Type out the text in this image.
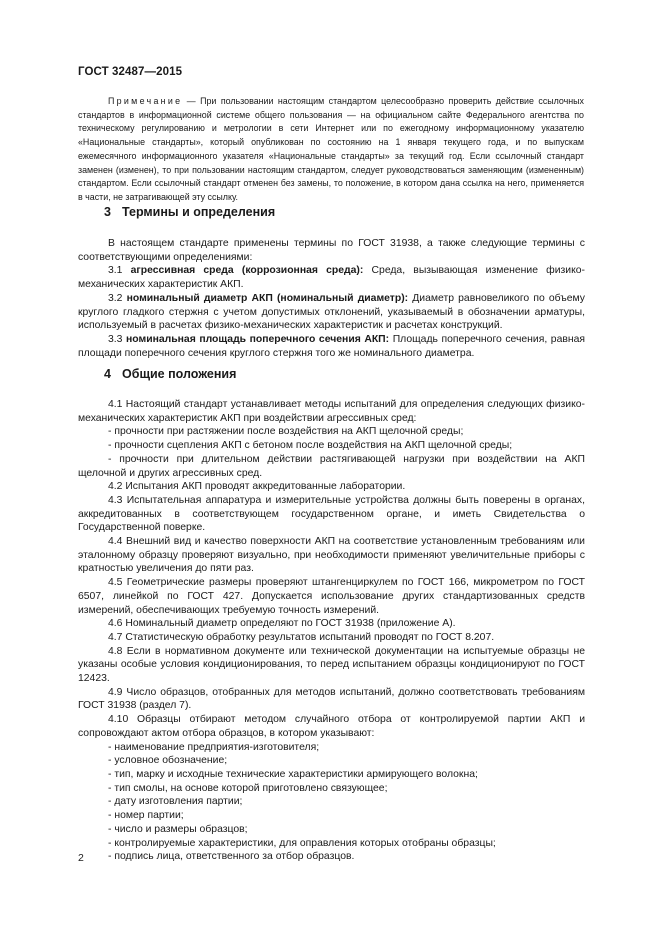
ГОСТ 32487—2015

Примечание — При пользовании настоящим стандартом целесообразно проверить действие ссылочных стандартов в информационной системе общего пользования — на официальном сайте Федерального агентства по техническому регулированию и метрологии в сети Интернет или по ежегодному информационному указателю «Национальные стандарты», который опубликован по состоянию на 1 января текущего года, и по выпускам ежемесячного информационного указателя «Национальные стандарты» за текущий год. Если ссылочный стандарт заменен (изменен), то при пользовании настоящим стандартом, следует руководствоваться заменяющим (измененным) стандартом. Если ссылочный стандарт отменен без замены, то положение, в котором дана ссылка на него, применяется в части, не затрагивающей эту ссылку.

3 Термины и определения

В настоящем стандарте применены термины по ГОСТ 31938, а также следующие термины с соответствующими определениями:

3.1 агрессивная среда (коррозионная среда): Среда, вызывающая изменение физико-механических характеристик АКП.

3.2 номинальный диаметр АКП (номинальный диаметр): Диаметр равновеликого по объему круглого гладкого стержня с учетом допустимых отклонений, указываемый в обозначении арматуры, используемый в расчетах физико-механических характеристик и расчетах конструкций.

3.3 номинальная площадь поперечного сечения АКП: Площадь поперечного сечения, равная площади поперечного сечения круглого стержня того же номинального диаметра.

4 Общие положения

4.1 Настоящий стандарт устанавливает методы испытаний для определения следующих физико-механических характеристик АКП при воздействии агрессивных сред:

- прочности при растяжении после воздействия на АКП щелочной среды;

- прочности сцепления АКП с бетоном после воздействия на АКП щелочной среды;

- прочности при длительном действии растягивающей нагрузки при воздействии на АКП щелочной и других агрессивных сред.

4.2 Испытания АКП проводят аккредитованные лаборатории.

4.3 Испытательная аппаратура и измерительные устройства должны быть поверены в органах, аккредитованных в соответствующем государственном органе, и иметь Свидетельства о Государственной поверке.

4.4 Внешний вид и качество поверхности АКП на соответствие установленным требованиям или эталонному образцу проверяют визуально, при необходимости применяют увеличительные приборы с кратностью увеличения до пяти раз.

4.5 Геометрические размеры проверяют штангенциркулем по ГОСТ 166, микрометром по ГОСТ 6507, линейкой по ГОСТ 427. Допускается использование других стандартизованных средств измерений, обеспечивающих требуемую точность измерений.

4.6 Номинальный диаметр определяют по ГОСТ 31938 (приложение А).

4.7 Статистическую обработку результатов испытаний проводят по ГОСТ 8.207.

4.8 Если в нормативном документе или технической документации на испытуемые образцы не указаны особые условия кондиционирования, то перед испытанием образцы кондиционируют по ГОСТ 12423.

4.9 Число образцов, отобранных для методов испытаний, должно соответствовать требованиям ГОСТ 31938 (раздел 7).

4.10 Образцы отбирают методом случайного отбора от контролируемой партии АКП и сопровождают актом отбора образцов, в котором указывают:

- наименование предприятия-изготовителя;

- условное обозначение;

- тип, марку и исходные технические характеристики армирующего волокна;

- тип смолы, на основе которой приготовлено связующее;

- дату изготовления партии;

- номер партии;

- число и размеры образцов;

- контролируемые характеристики, для оправления которых отобраны образцы;

- подпись лица, ответственного за отбор образцов.

2
